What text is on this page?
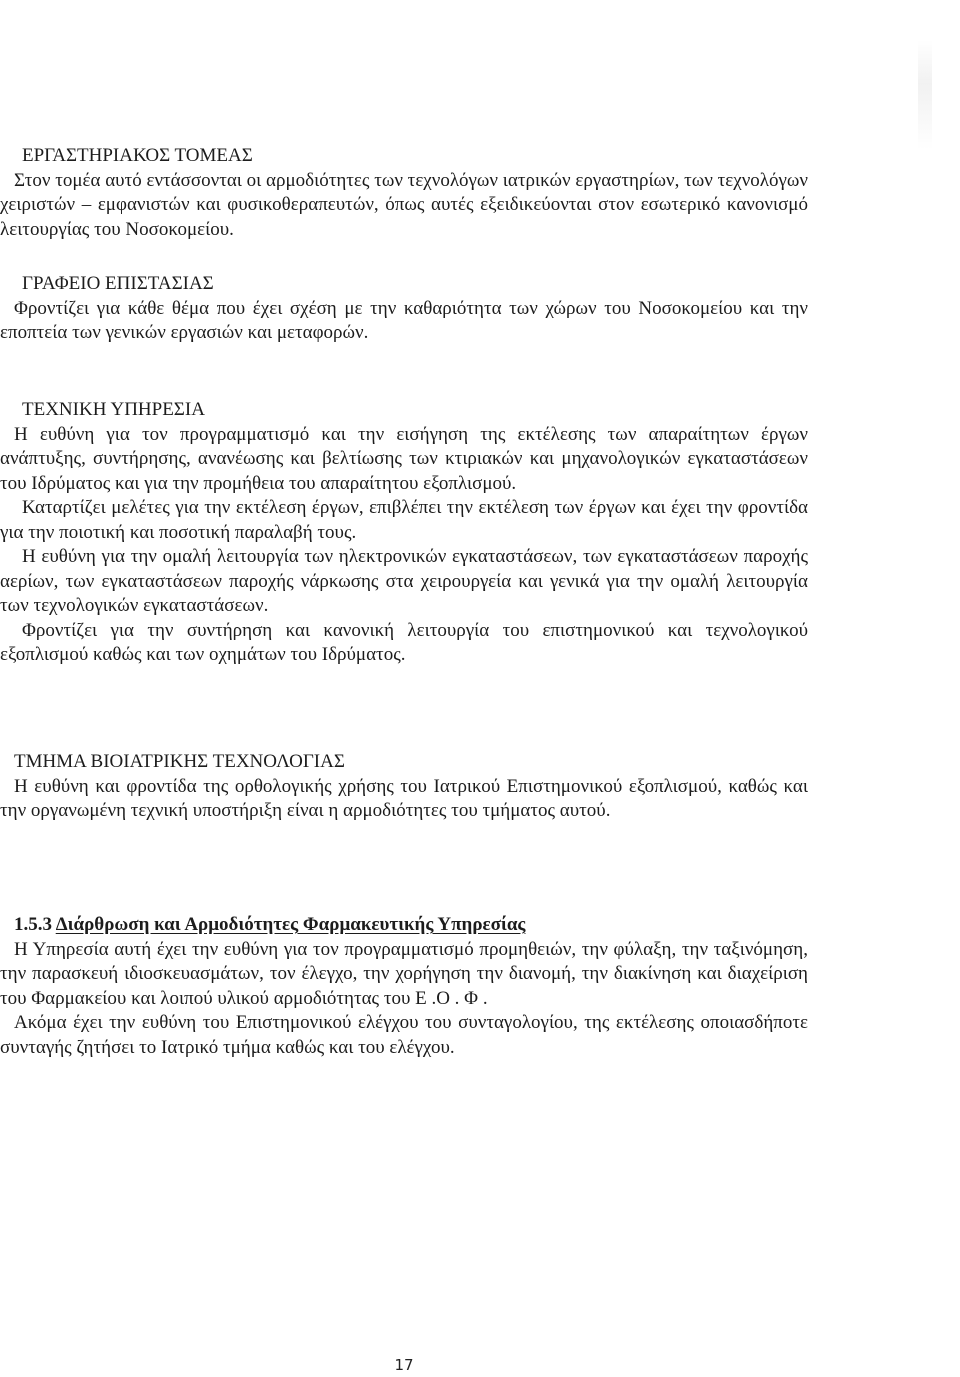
ΕΡΓΑΣΤΗΡΙΑΚΟΣ ΤΟΜΕΑΣ

Στον τομέα αυτό εντάσσονται οι αρμοδιότητες των τεχνολόγων ιατρικών εργαστηρίων, των τεχνολόγων χειριστών – εμφανιστών και φυσικοθεραπευτών, όπως αυτές εξειδικεύονται στον εσωτερικό κανονισμό λειτουργίας του Νοσοκομείου.

ΓΡΑΦΕΙΟ ΕΠΙΣΤΑΣΙΑΣ

Φροντίζει για κάθε θέμα που έχει σχέση με την καθαριότητα των χώρων του Νοσοκομείου και την εποπτεία των γενικών εργασιών και μεταφορών.

ΤΕΧΝΙΚΗ ΥΠΗΡΕΣΙΑ

Η ευθύνη για τον προγραμματισμό και την εισήγηση της εκτέλεσης των απαραίτητων έργων ανάπτυξης, συντήρησης, ανανέωσης και βελτίωσης των κτιριακών και μηχανολογικών εγκαταστάσεων του Ιδρύματος και για την προμήθεια του απαραίτητου εξοπλισμού.

Καταρτίζει μελέτες για την εκτέλεση έργων, επιβλέπει την εκτέλεση των έργων και έχει την φροντίδα για την ποιοτική και ποσοτική παραλαβή τους.

Η ευθύνη για την ομαλή λειτουργία των ηλεκτρονικών εγκαταστάσεων, των εγκαταστάσεων παροχής αερίων, των εγκαταστάσεων παροχής νάρκωσης στα χειρουργεία και γενικά για την ομαλή λειτουργία των τεχνολογικών εγκαταστάσεων.

Φροντίζει για την συντήρηση και κανονική λειτουργία του επιστημονικού και τεχνολογικού εξοπλισμού καθώς και των οχημάτων του Ιδρύματος.

ΤΜΗΜΑ ΒΙΟΙΑΤΡΙΚΗΣ ΤΕΧΝΟΛΟΓΙΑΣ

Η ευθύνη και φροντίδα της ορθολογικής χρήσης του Ιατρικού Επιστημονικού εξοπλισμού, καθώς και την οργανωμένη τεχνική υποστήριξη είναι η αρμοδιότητες του τμήματος αυτού.

1.5.3 Διάρθρωση και Αρμοδιότητες Φαρμακευτικής Υπηρεσίας

Η Υπηρεσία αυτή έχει την ευθύνη για τον προγραμματισμό προμηθειών, την φύλαξη, την ταξινόμηση, την παρασκευή ιδιοσκευασμάτων, τον έλεγχο, την χορήγηση την διανομή, την διακίνηση και διαχείριση του Φαρμακείου και λοιπού υλικού αρμοδιότητας του Ε .Ο . Φ .

Ακόμα έχει την ευθύνη του Επιστημονικού ελέγχου του συνταγολογίου, της εκτέλεσης οποιασδήποτε συνταγής ζητήσει το Ιατρικό τμήμα καθώς και του ελέγχου.

17
